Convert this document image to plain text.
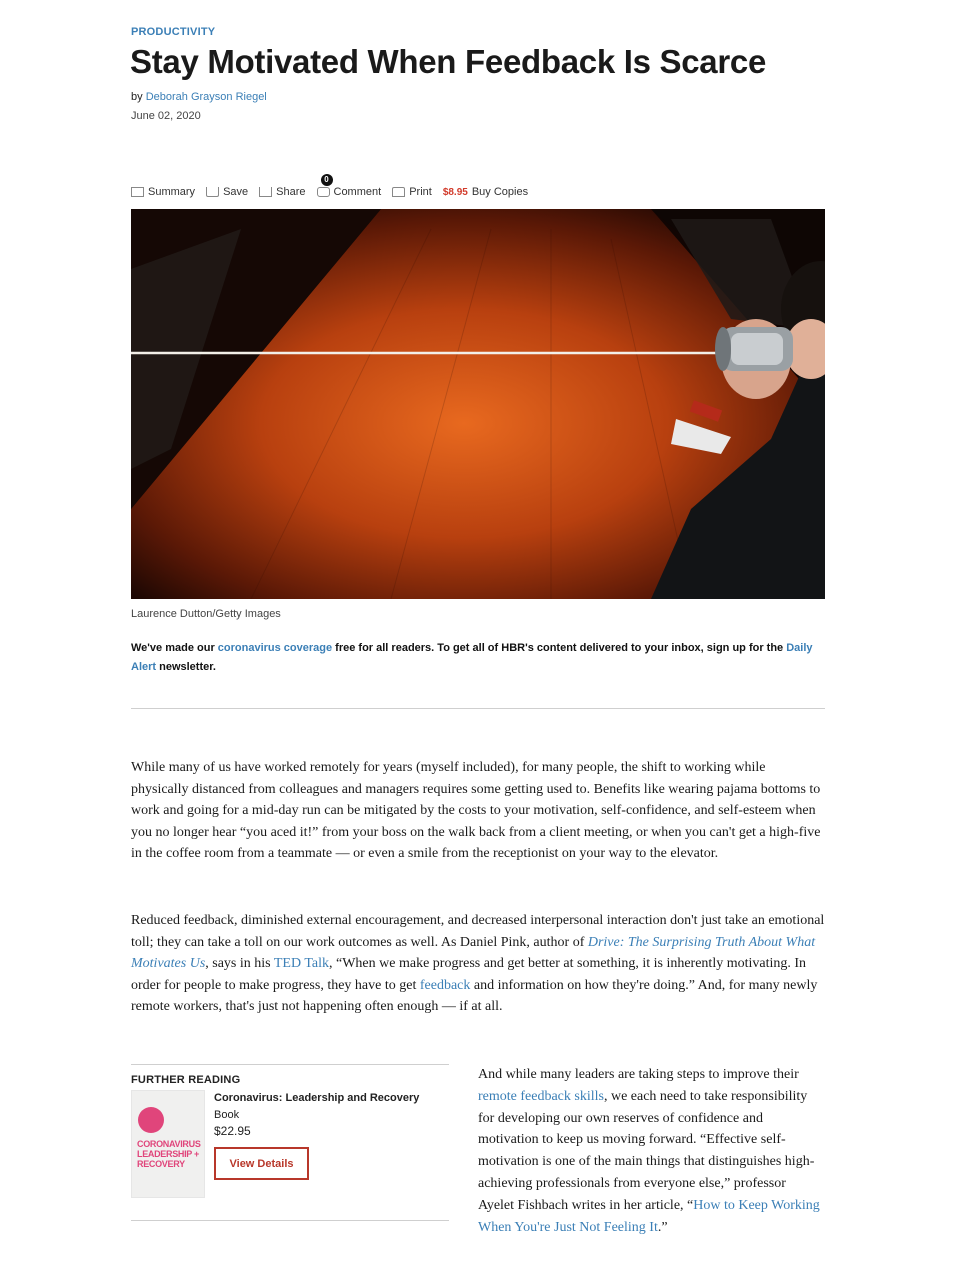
PRODUCTIVITY
Stay Motivated When Feedback Is Scarce
by Deborah Grayson Riegel
June 02, 2020
Summary	Save	Share
0
Comment	Print $8.95 Buy Copies
Laurence Dutton/Getty Images
We've made our coronavirus coverage free for all readers. To get all of HBR's content delivered to your inbox, sign up for the Daily Alert newsletter.

While many of us have worked remotely for years (myself included), for many people, the shift to working while physically distanced from colleagues and managers requires some getting used to. Benefits like wearing pajama bottoms to work and going for a mid-day run can be mitigated by the costs to your motivation, self-confidence, and self-esteem when you no longer hear “you aced it!” from your boss on the walk back from a client meeting, or when you can't get a high-five in the coffee room from a teammate — or even a smile from the receptionist on your way to the elevator.

Reduced feedback, diminished external encouragement, and decreased interpersonal interaction don't just take an emotional toll; they can take a toll on our work outcomes as well. As Daniel Pink, author of Drive: The Surprising Truth About What Motivates Us, says in his TED Talk, “When we make progress and get better at something, it is inherently motivating. In order for people to make progress, they have to get feedback and information on how they're doing.” And, for many newly remote workers, that's just not happening often enough — if at all.

FURTHER READING
CORONAVIRUS LEADERSHIP + RECOVERY
Coronavirus: Leadership and Recovery
Book
$22.95
View Details

And while many leaders are taking steps to improve their remote feedback skills, we each need to take responsibility for developing our own reserves of confidence and motivation to keep us moving forward. “Effective self-motivation is one of the main things that distinguishes high-achieving professionals from everyone else,” professor Ayelet Fishbach writes in her article, “How to Keep Working When You're Just Not Feeling It.”
